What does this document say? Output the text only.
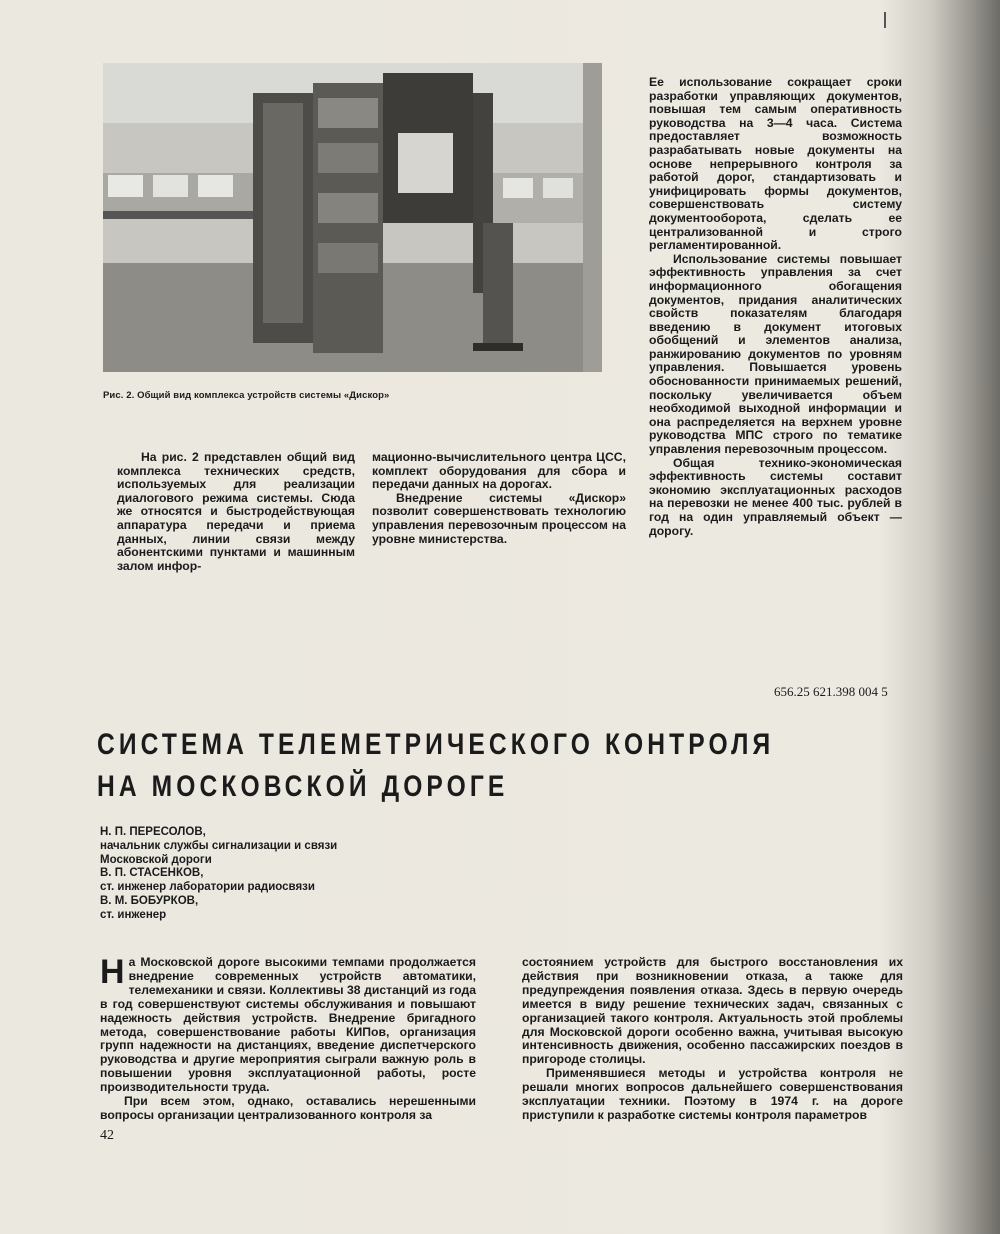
Рис. 2. Общий вид комплекса устройств системы «Дискор»

На рис. 2 представлен общий вид комплекса технических средств, используемых для реализации диалогового режима системы. Сюда же относятся и быстродействующая аппаратура передачи и приема данных, линии связи между абонентскими пунктами и машинным залом инфор-

мационно-вычислительного центра ЦСС, комплект оборудования для сбора и передачи данных на дорогах.

Внедрение системы «Дискор» позволит совершенствовать технологию управления перевозочным процессом на уровне министерства.

Ее использование сокращает сроки разработки управляющих документов, повышая тем самым оперативность руководства на 3—4 часа. Система предоставляет возможность разрабатывать новые документы на основе непрерывного контроля за работой дорог, стандартизовать и унифицировать формы документов, совершенствовать систему документооборота, сделать ее централизованной и строго регламентированной.

Использование системы повышает эффективность управления за счет информационного обогащения документов, придания аналитических свойств показателям благодаря введению в документ итоговых обобщений и элементов анализа, ранжированию документов по уровням управления. Повышается уровень обоснованности принимаемых решений, поскольку увеличивается объем необходимой выходной информации и она распределяется на верхнем уровне руководства МПС строго по тематике управления перевозочным процессом.

Общая технико-экономическая эффективность системы составит экономию эксплуатационных расходов на перевозки не менее 400 тыс. рублей в год на один управляемый объект — дорогу.

656.25 621.398 004 5
СИСТЕМА ТЕЛЕМЕТРИЧЕСКОГО КОНТРОЛЯ
НА МОСКОВСКОЙ ДОРОГЕ
Н. П. ПЕРЕСОЛОВ,
начальник службы сигнализации и связи
Московской дороги
В. П. СТАСЕНКОВ,
ст. инженер лаборатории радиосвязи
В. М. БОБУРКОВ,
ст. инженер

На Московской дороге высокими темпами продолжается внедрение современных устройств автоматики, телемеханики и связи. Коллективы 38 дистанций из года в год совершенствуют системы обслуживания и повышают надежность действия устройств. Внедрение бригадного метода, совершенствование работы КИПов, организация групп надежности на дистанциях, введение диспетчерского руководства и другие мероприятия сыграли важную роль в повышении уровня эксплуатационной работы, росте производительности труда.

При всем этом, однако, оставались нерешенными вопросы организации централизованного контроля за

состоянием устройств для быстрого восстановления их действия при возникновении отказа, а также для предупреждения появления отказа. Здесь в первую очередь имеется в виду решение технических задач, связанных с организацией такого контроля. Актуальность этой проблемы для Московской дороги особенно важна, учитывая высокую интенсивность движения, особенно пассажирских поездов в пригороде столицы.

Применявшиеся методы и устройства контроля не решали многих вопросов дальнейшего совершенствования эксплуатации техники. Поэтому в 1974 г. на дороге приступили к разработке системы контроля параметров

42
